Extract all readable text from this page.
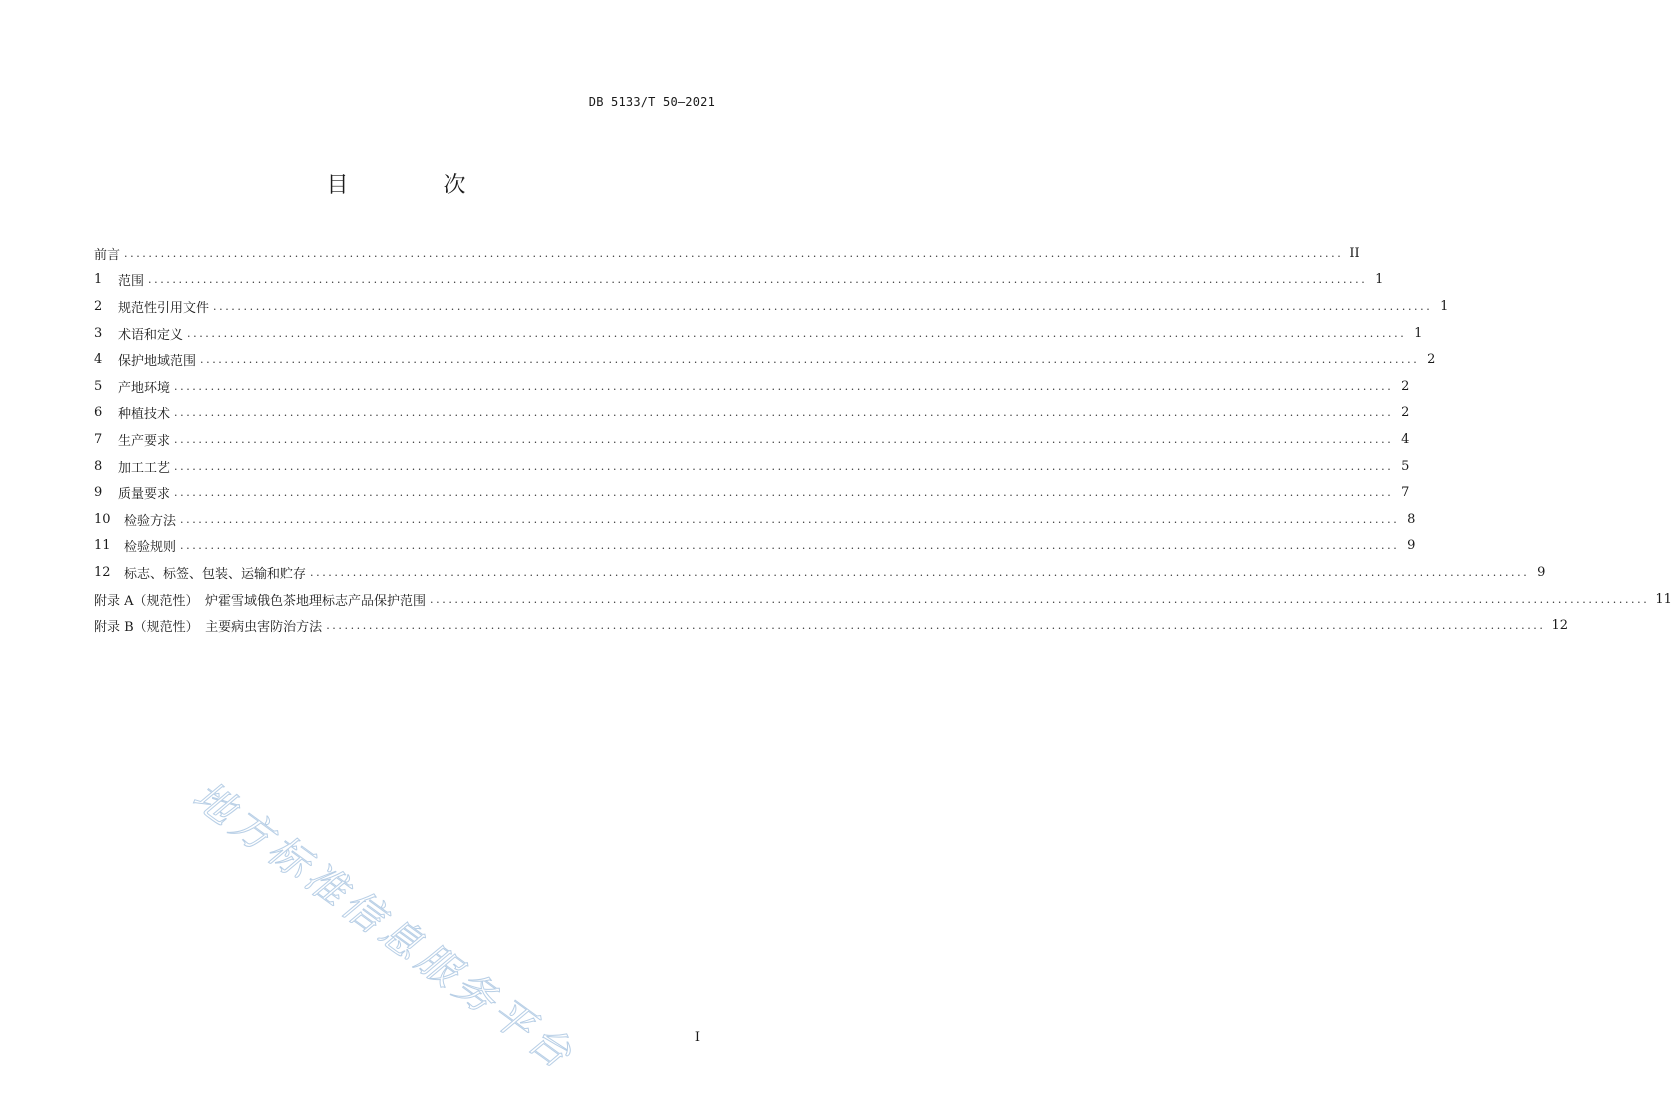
DB 5133/T 50—2021
目 次
前言 ........................................................................................................................................................................................................ II
1	范围 ........................................................................................................................................................................................................ 1
2	规范性引用文件 ........................................................................................................................................................................................................ 1
3	术语和定义 ........................................................................................................................................................................................................ 1
4	保护地域范围 ........................................................................................................................................................................................................ 2
5	产地环境 ........................................................................................................................................................................................................ 2
6	种植技术 ........................................................................................................................................................................................................ 2
7	生产要求 ........................................................................................................................................................................................................ 4
8	加工工艺 ........................................................................................................................................................................................................ 5
9	质量要求 ........................................................................................................................................................................................................ 7
10	检验方法 ........................................................................................................................................................................................................ 8
11	检验规则 ........................................................................................................................................................................................................ 9
12	标志、标签、包装、运输和贮存 ........................................................................................................................................................................................................ 9
附录 A（规范性）　炉霍雪域俄色茶地理标志产品保护范围 ........................................................................................................................................................................................................ 11
附录 B（规范性）　主要病虫害防治方法 ........................................................................................................................................................................................................ 12
地方标准信息服务平台	I
